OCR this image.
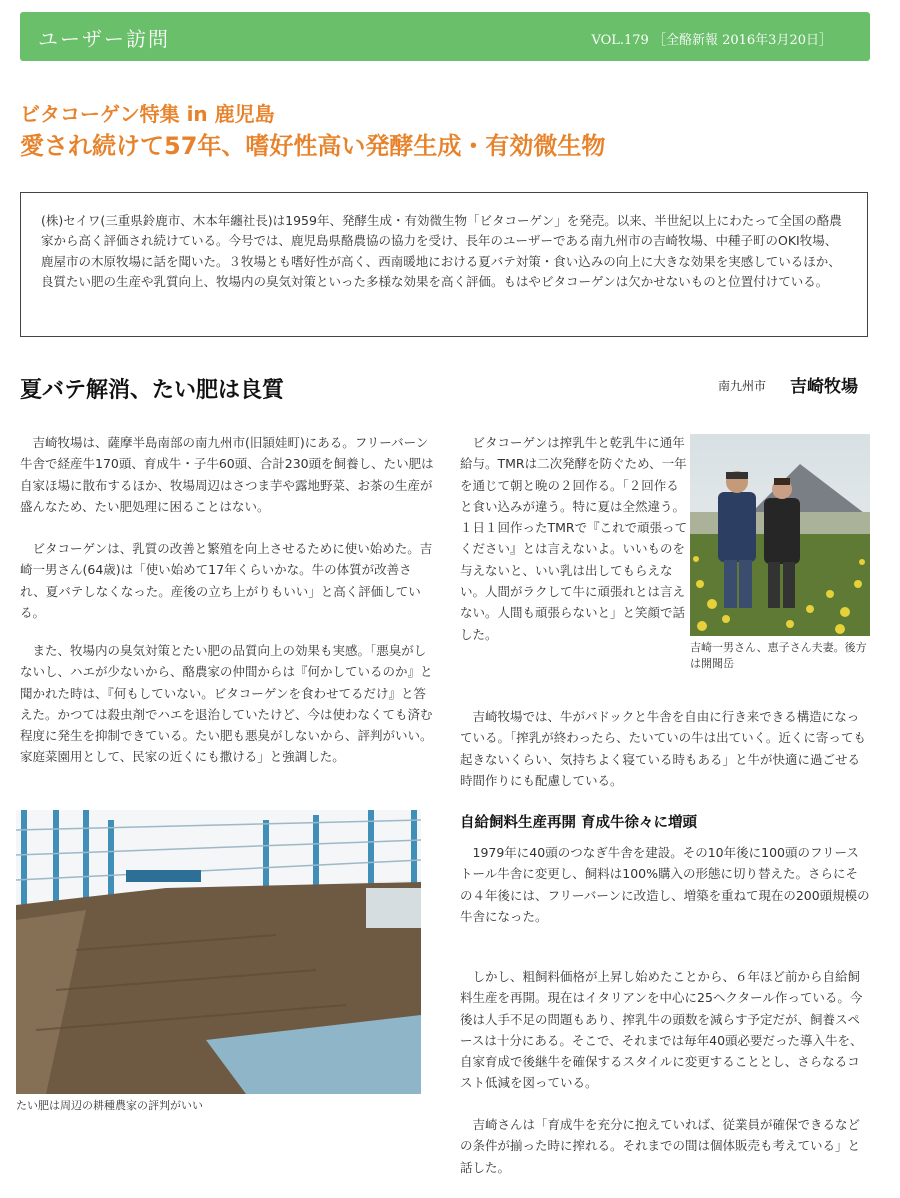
ユーザー訪問	VOL.179 ［全酪新報 2016年3月20日］
ビタコーゲン特集 in 鹿児島
愛され続けて57年、嗜好性高い発酵生成・有効微生物
(株)セイワ(三重県鈴鹿市、木本年纏社長)は1959年、発酵生成・有効微生物「ビタコーゲン」を発売。以来、半世紀以上にわたって全国の酪農家から高く評価され続けている。今号では、鹿児島県酪農協の協力を受け、長年のユーザーである南九州市の吉崎牧場、中種子町のOKI牧場、鹿屋市の木原牧場に話を聞いた。３牧場とも嗜好性が高く、西南暖地における夏バテ対策・食い込みの向上に大きな効果を実感しているほか、良質たい肥の生産や乳質向上、牧場内の臭気対策といった多様な効果を高く評価。もはやビタコーゲンは欠かせないものと位置付けている。
夏バテ解消、たい肥は良質	南九州市 吉崎牧場
　吉崎牧場は、薩摩半島南部の南九州市(旧頴娃町)にある。フリーバーン牛舎で経産牛170頭、育成牛・子牛60頭、合計230頭を飼養し、たい肥は自家ほ場に散布するほか、牧場周辺はさつま芋や露地野菜、お茶の生産が盛んなため、たい肥処理に困ることはない。
　ビタコーゲンは、乳質の改善と繁殖を向上させるために使い始めた。吉崎一男さん(64歳)は「使い始めて17年くらいかな。牛の体質が改善され、夏バテしなくなった。産後の立ち上がりもいい」と高く評価している。
　また、牧場内の臭気対策とたい肥の品質向上の効果も実感。「悪臭がしないし、ハエが少ないから、酪農家の仲間からは『何かしているのか』と聞かれた時は、『何もしていない。ビタコーゲンを食わせてるだけ』と答えた。かつては殺虫剤でハエを退治していたけど、今は使わなくても済む程度に発生を抑制できている。たい肥も悪臭がしないから、評判がいい。家庭菜園用として、民家の近くにも撒ける」と強調した。
　ビタコーゲンは搾乳牛と乾乳牛に通年給与。TMRは二次発酵を防ぐため、一年を通じて朝と晩の２回作る。「２回作ると食い込みが違う。特に夏は全然違う。１日１回作ったTMRで『これで頑張ってください』とは言えないよ。いいものを与えないと、いい乳は出してもらえない。人間がラクして牛に頑張れとは言えない。人間も頑張らないと」と笑顔で話した。
吉崎一男さん、恵子さん夫妻。後方は開聞岳
　吉崎牧場では、牛がパドックと牛舎を自由に行き来できる構造になっている。「搾乳が終わったら、たいていの牛は出ていく。近くに寄っても起きないくらい、気持ちよく寝ている時もある」と牛が快適に過ごせる時間作りにも配慮している。
自給飼料生産再開 育成牛徐々に増頭
　1979年に40頭のつなぎ牛舎を建設。その10年後に100頭のフリーストール牛舎に変更し、飼料は100%購入の形態に切り替えた。さらにその４年後には、フリーバーンに改造し、増築を重ねて現在の200頭規模の牛舎になった。
　しかし、粗飼料価格が上昇し始めたことから、６年ほど前から自給飼料生産を再開。現在はイタリアンを中心に25ヘクタール作っている。今後は人手不足の問題もあり、搾乳牛の頭数を減らす予定だが、飼養スペースは十分にある。そこで、それまでは毎年40頭必要だった導入牛を、自家育成で後継牛を確保するスタイルに変更することとし、さらなるコスト低減を図っている。
　吉崎さんは「育成牛を充分に抱えていれば、従業員が確保できるなどの条件が揃った時に搾れる。それまでの間は個体販売も考えている」と話した。
たい肥は周辺の耕種農家の評判がいい
